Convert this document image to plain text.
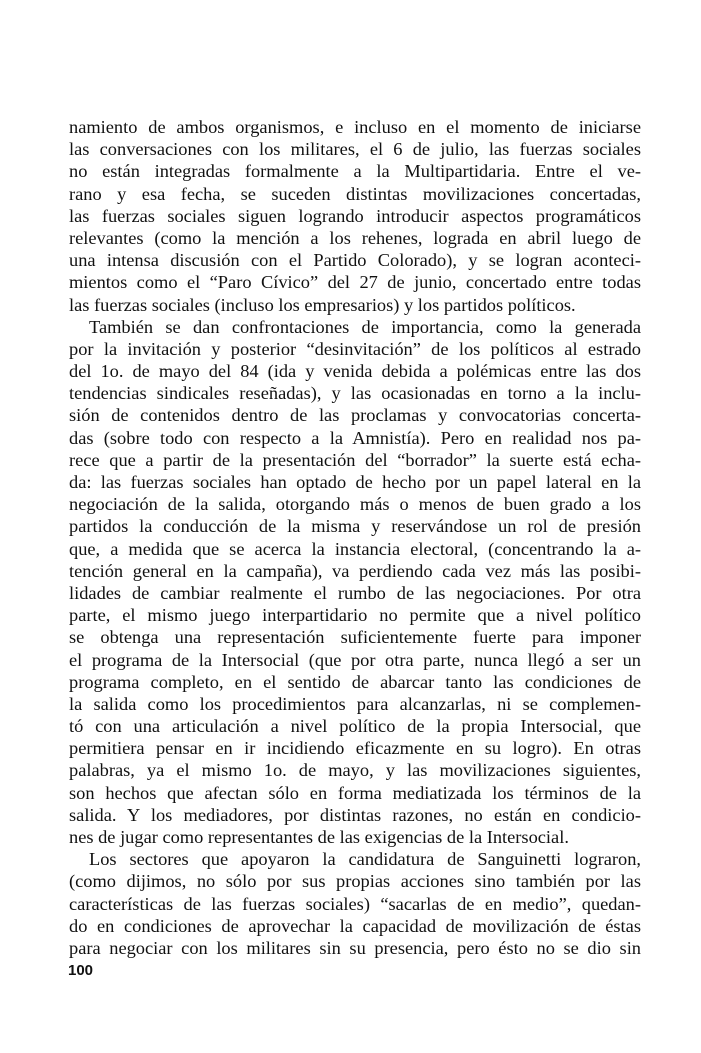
namiento de ambos organismos, e incluso en el momento de iniciarse
las conversaciones con los militares, el 6 de julio, las fuerzas sociales
no están integradas formalmente a la Multipartidaria. Entre el ve-
rano y esa fecha, se suceden distintas movilizaciones concertadas,
las fuerzas sociales siguen logrando introducir aspectos programáticos
relevantes (como la mención a los rehenes, lograda en abril luego de
una intensa discusión con el Partido Colorado), y se logran aconteci-
mientos como el “Paro Cívico” del 27 de junio, concertado entre todas
las fuerzas sociales (incluso los empresarios) y los partidos políticos.
También se dan confrontaciones de importancia, como la generada
por la invitación y posterior “desinvitación” de los políticos al estrado
del 1o. de mayo del 84 (ida y venida debida a polémicas entre las dos
tendencias sindicales reseñadas), y las ocasionadas en torno a la inclu-
sión de contenidos dentro de las proclamas y convocatorias concerta-
das (sobre todo con respecto a la Amnistía). Pero en realidad nos pa-
rece que a partir de la presentación del “borrador” la suerte está echa-
da: las fuerzas sociales han optado de hecho por un papel lateral en la
negociación de la salida, otorgando más o menos de buen grado a los
partidos la conducción de la misma y reservándose un rol de presión
que, a medida que se acerca la instancia electoral, (concentrando la a-
tención general en la campaña), va perdiendo cada vez más las posibi-
lidades de cambiar realmente el rumbo de las negociaciones. Por otra
parte, el mismo juego interpartidario no permite que a nivel político
se obtenga una representación suficientemente fuerte para imponer
el programa de la Intersocial (que por otra parte, nunca llegó a ser un
programa completo, en el sentido de abarcar tanto las condiciones de
la salida como los procedimientos para alcanzarlas, ni se complemen-
tó con una articulación a nivel político de la propia Intersocial, que
permitiera pensar en ir incidiendo eficazmente en su logro). En otras
palabras, ya el mismo 1o. de mayo, y las movilizaciones siguientes,
son hechos que afectan sólo en forma mediatizada los términos de la
salida. Y los mediadores, por distintas razones, no están en condicio-
nes de jugar como representantes de las exigencias de la Intersocial.
Los sectores que apoyaron la candidatura de Sanguinetti lograron,
(como dijimos, no sólo por sus propias acciones sino también por las
características de las fuerzas sociales) “sacarlas de en medio”, quedan-
do en condiciones de aprovechar la capacidad de movilización de éstas
para negociar con los militares sin su presencia, pero ésto no se dio sin
100
